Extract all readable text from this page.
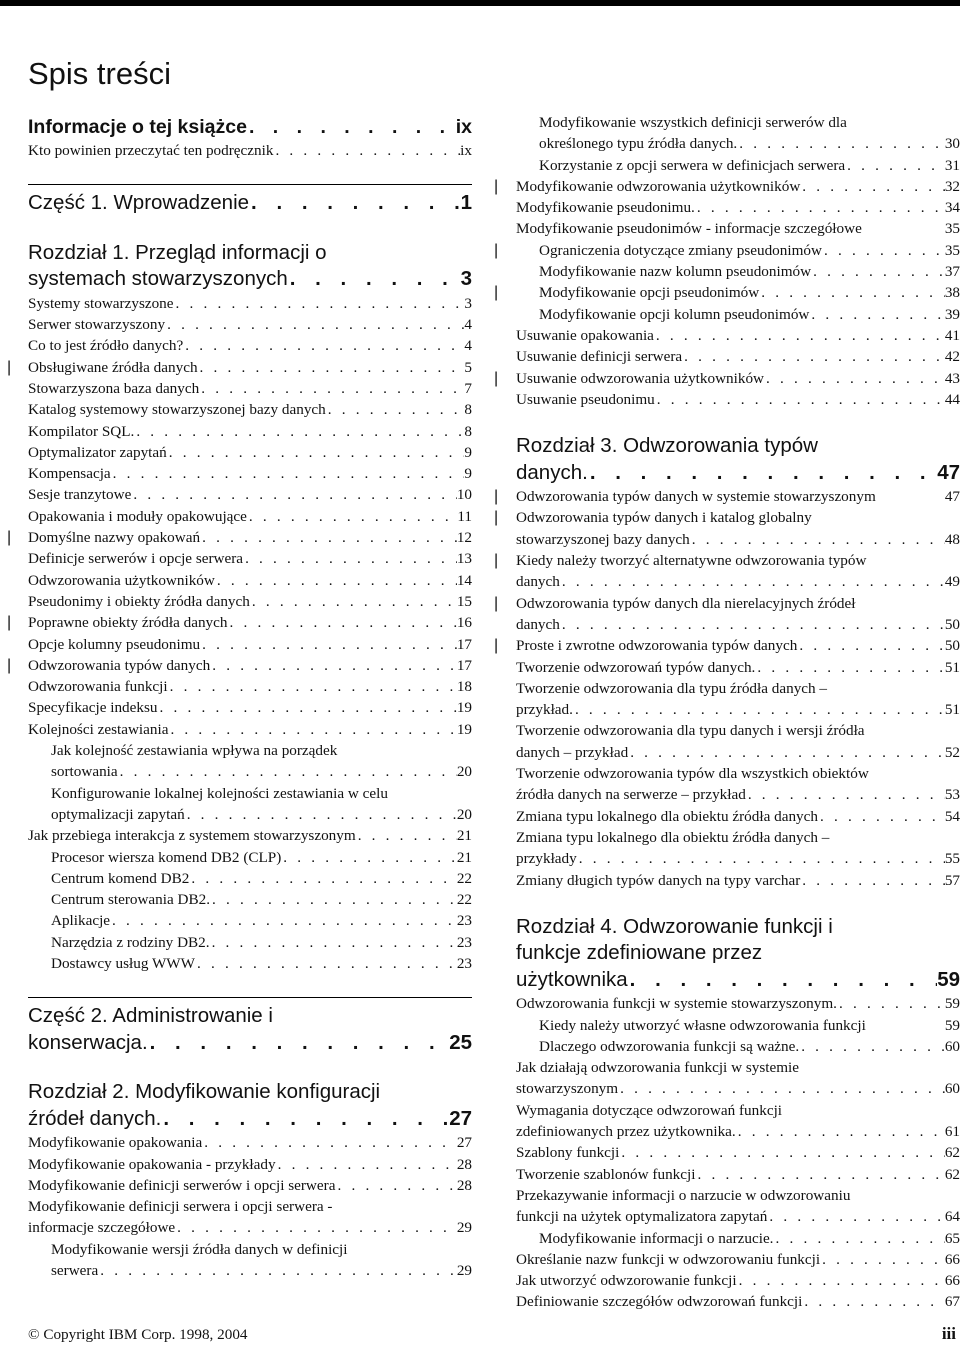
Spis treści
Informacje o tej książce . . .	ix
Kto powinien przeczytać ten podręcznik . . .	ix
Część 1. Wprowadzenie . . .	1
Rozdział 1. Przegląd informacji o
systemach stowarzyszonych . . .	3
Systemy stowarzyszone . . .	3
Serwer stowarzyszony . . .	4
Co to jest źródło danych? . . .	4
| Obsługiwane źródła danych . . .	5
Stowarzyszona baza danych . . .	7
Katalog systemowy stowarzyszonej bazy danych . . .	8
Kompilator SQL. . . .	8
Optymalizator zapytań . . .	9
Kompensacja . . .	9
Sesje tranzytowe . . .	10
Opakowania i moduły opakowujące . . .	11
| Domyślne nazwy opakowań . . .	12
Definicje serwerów i opcje serwera . . .	13
Odwzorowania użytkowników . . .	14
Pseudonimy i obiekty źródła danych . . .	15
| Poprawne obiekty źródła danych . . .	16
Opcje kolumny pseudonimu . . .	17
| Odwzorowania typów danych . . .	17
Odwzorowania funkcji . . .	18
Specyfikacje indeksu . . .	19
Kolejności zestawiania . . .	19
Jak kolejność zestawiania wpływa na porządek
sortowania . . .	20
Konfigurowanie lokalnej kolejności zestawiania w celu
optymalizacji zapytań . . .	20
Jak przebiega interakcja z systemem stowarzyszonym . . .	21
Procesor wiersza komend DB2 (CLP) . . .	21
Centrum komend DB2 . . .	22
Centrum sterowania DB2. . . .	22
Aplikacje . . .	23
Narzędzia z rodziny DB2. . . .	23
Dostawcy usług WWW . . .	23
Część 2. Administrowanie i
konserwacja. . . .	25
Rozdział 2. Modyfikowanie konfiguracji
źródeł danych. . . .	27
Modyfikowanie opakowania . . .	27
Modyfikowanie opakowania - przykłady . . .	28
Modyfikowanie definicji serwerów i opcji serwera . . .	28
Modyfikowanie definicji serwera i opcji serwera -
informacje szczegółowe . . .	29
Modyfikowanie wersji źródła danych w definicji
serwera . . .	29
Modyfikowanie wszystkich definicji serwerów dla
określonego typu źródła danych. . . .	30
Korzystanie z opcji serwera w definicjach serwera . . .	31
| Modyfikowanie odwzorowania użytkowników . . .	32
Modyfikowanie pseudonimu. . . .	34
Modyfikowanie pseudonimów - informacje szczegółowe	35
|	Ograniczenia dotyczące zmiany pseudonimów . . .	35
Modyfikowanie nazw kolumn pseudonimów . . .	37
|	Modyfikowanie opcji pseudonimów . . .	38
Modyfikowanie opcji kolumn pseudonimów . . .	39
Usuwanie opakowania . . .	41
Usuwanie definicji serwera . . .	42
| Usuwanie odwzorowania użytkowników . . .	43
Usuwanie pseudonimu . . .	44
Rozdział 3. Odwzorowania typów
danych. . . .	47
| Odwzorowania typów danych w systemie stowarzyszonym	47
| Odwzorowania typów danych i katalog globalny
stowarzyszonej bazy danych . . .	48
| Kiedy należy tworzyć alternatywne odwzorowania typów
danych . . .	49
| Odwzorowania typów danych dla nierelacyjnych źródeł
danych . . .	50
| Proste i zwrotne odwzorowania typów danych . . .	50
Tworzenie odwzorowań typów danych. . . .	51
Tworzenie odwzorowania dla typu źródła danych –
przykład. . . .	51
Tworzenie odwzorowania dla typu danych i wersji źródła
danych – przykład . . .	52
Tworzenie odwzorowania typów dla wszystkich obiektów
źródła danych na serwerze – przykład . . .	53
Zmiana typu lokalnego dla obiektu źródła danych . . .	54
Zmiana typu lokalnego dla obiektu źródła danych –
przykłady . . .	55
Zmiany długich typów danych na typy varchar . . .	57
Rozdział 4. Odwzorowanie funkcji i
funkcje zdefiniowane przez
użytkownika . . .	59
Odwzorowania funkcji w systemie stowarzyszonym. . . .	59
Kiedy należy utworzyć własne odwzorowania funkcji	59
Dlaczego odwzorowania funkcji są ważne. . . .	60
Jak działają odwzorowania funkcji w systemie
stowarzyszonym . . .	60
Wymagania dotyczące odwzorowań funkcji
zdefiniowanych przez użytkownika. . . .	61
Szablony funkcji . . .	62
Tworzenie szablonów funkcji . . .	62
Przekazywanie informacji o narzucie w odwzorowaniu
funkcji na użytek optymalizatora zapytań . . .	64
Modyfikowanie informacji o narzucie. . . .	65
Określanie nazw funkcji w odwzorowaniu funkcji . . .	66
Jak utworzyć odwzorowanie funkcji . . .	66
Definiowanie szczegółów odwzorowań funkcji . . .	67
© Copyright IBM Corp. 1998, 2004	iii
